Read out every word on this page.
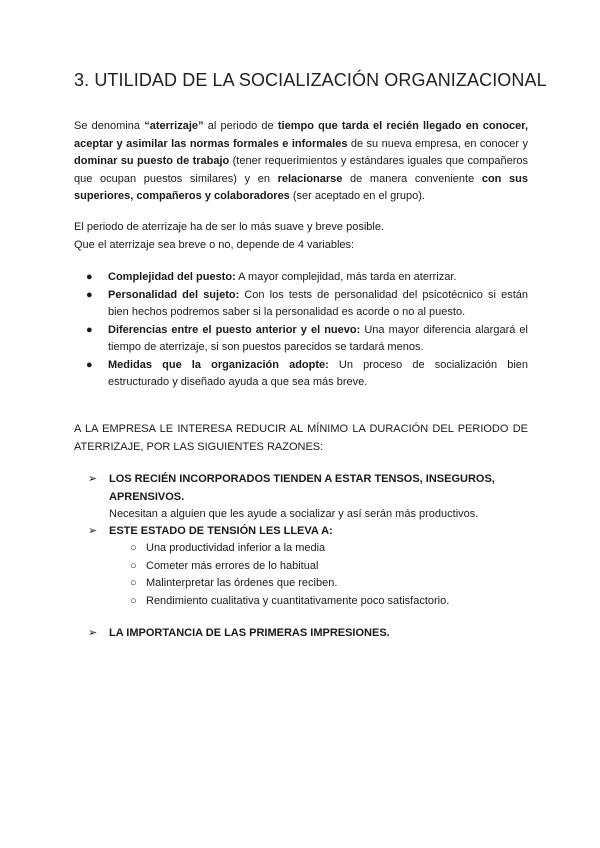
3. UTILIDAD DE LA SOCIALIZACIÓN ORGANIZACIONAL

Se denomina “aterrizaje” al periodo de tiempo que tarda el recién llegado en conocer, aceptar y asimilar las normas formales e informales de su nueva empresa, en conocer y dominar su puesto de trabajo (tener requerimientos y estándares iguales que compañeros que ocupan puestos similares) y en relacionarse de manera conveniente con sus superiores, compañeros y colaboradores (ser aceptado en el grupo).

El periodo de aterrizaje ha de ser lo más suave y breve posible.
Que el aterrizaje sea breve o no, depende de 4 variables:

● Complejidad del puesto: A mayor complejidad, más tarda en aterrizar.
● Personalidad del sujeto: Con los tests de personalidad del psicotécnico si están bien hechos podremos saber si la personalidad es acorde o no al puesto.
● Diferencias entre el puesto anterior y el nuevo: Una mayor diferencia alargará el tiempo de aterrizaje, si son puestos parecidos se tardará menos.
● Medidas que la organización adopte: Un proceso de socialización bien estructurado y diseñado ayuda a que sea más breve.

A LA EMPRESA LE INTERESA REDUCIR AL MÍNIMO LA DURACIÓN DEL PERIODO DE ATERRIZAJE, POR LAS SIGUIENTES RAZONES:

➢	LOS RECIÉN INCORPORADOS TIENDEN A ESTAR TENSOS, INSEGUROS, APRENSIVOS.
Necesitan a alguien que les ayude a socializar y así serán más productivos.
➢	ESTE ESTADO DE TENSIÓN LES LLEVA A:
○ Una productividad inferior a la media
○ Cometer más errores de lo habitual
○ Malinterpretar las órdenes que reciben.
○ Rendimiento cualitativa y cuantitativamente poco satisfactorio.
➢	LA IMPORTANCIA DE LAS PRIMERAS IMPRESIONES.
